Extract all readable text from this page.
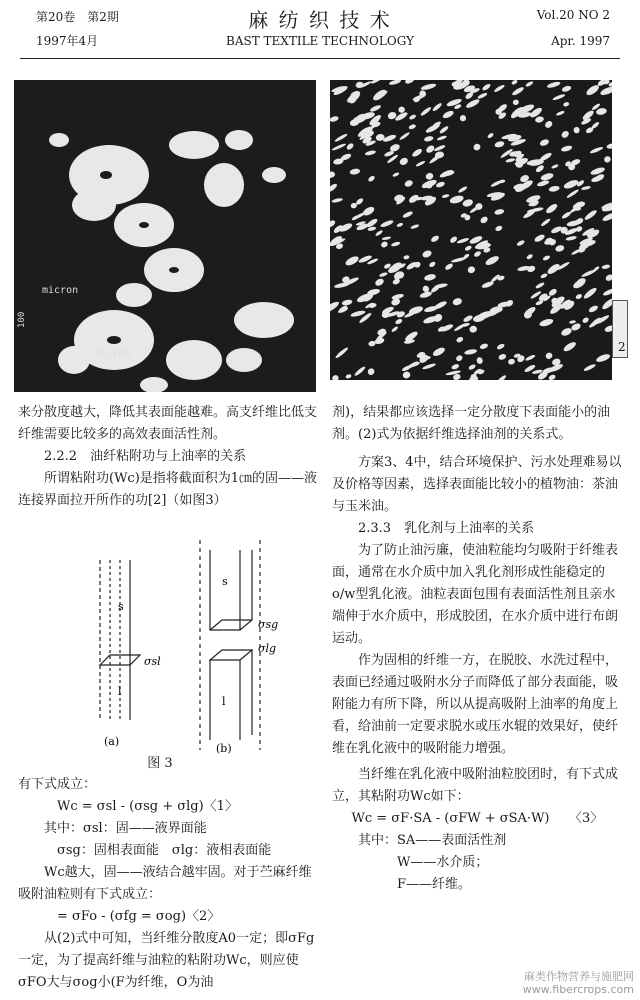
第20卷　第2期
1997年4月
麻 纺 织 技 术
BAST TEXTILE TECHNOLOGY
Vol.20 NO 2
Apr. 1997
micron
100
micron	2

来分散度越大，降低其表面能越难。高支纤维比低支纤维需要比较多的高效表面活性剂。

2.2.2　油纤粘附功与上油率的关系

所谓粘附功(Wc)是指将截面积为1㎝的固——液连接界面拉开所作的功[2]（如图3）

s
l
σsl
(a)
s
l
σsg
σlg
(b)
图 3

有下式成立：

Wc = σsl - (σsg + σlg)〈1〉

其中：σsl：固——液界面能

σsg：固相表面能　σlg：液相表面能

Wc越大，固——液结合越牢固。对于苎麻纤维吸附油粒则有下式成立：

= σFo - (σfg = σog)〈2〉

从(2)式中可知，当纤维分散度A0一定；即σFg一定，为了提高纤维与油粒的粘附功Wc，则应使σFO大与σog小(F为纤维，O为油

剂)，结果都应该选择一定分散度下表面能小的油剂。(2)式为依据纤维选择油剂的关系式。

方案3、4中，结合环境保护、污水处理难易以及价格等因素，选择表面能比较小的植物油：茶油与玉米油。

2.3.3　乳化剂与上油率的关系

为了防止油污廉，使油粒能均匀吸附于纤维表面，通常在水介质中加入乳化剂形成性能稳定的o/w型乳化液。油粒表面包围有表面活性剂且亲水端伸于水介质中，形成胶团，在水介质中进行布朗运动。

作为固相的纤维一方，在脱胶、水洗过程中，表面已经通过吸附水分子而降低了部分表面能，吸附能力有所下降，所以从提高吸附上油率的角度上看，给油前一定要求脱水或压水辊的效果好，使纤维在乳化液中的吸附能力增强。

当纤维在乳化液中吸附油粒胶团时，有下式成立，其粘附功Wc如下：

Wc = σF·SA - (σFW + σSA·W)　　〈3〉

其中：SA——表面活性剂

W——水介质；

F——纤维。

麻类作物营养与施肥网
www.fibercrops.com
